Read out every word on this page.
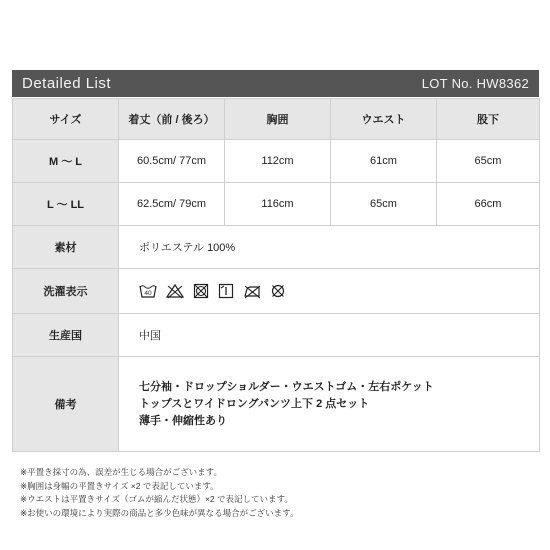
Detailed List	LOT No. HW8362
サイズ	着丈（前 / 後ろ）	胸囲	ウエスト	股下
M 〜 L	60.5cm/ 77cm	112cm	61cm	65cm
L 〜 LL	62.5cm/ 79cm	116cm	65cm	66cm
素材	ポリエステル 100%			
洗濯表示	40			

生産国	中国			
備考	七分袖・ドロップショルダー・ウエストゴム・左右ポケット
トップスとワイドロングパンツ上下 2 点セット
薄手・伸縮性あり			
※平置き採寸の為、誤差が生じる場合がございます。
※胸囲は身幅の平置きサイズ ×2 で表記しています。
※ウエストは平置きサイズ（ゴムが縮んだ状態）×2 で表記しています。
※お使いの環境により実際の商品と多少色味が異なる場合がございます。
